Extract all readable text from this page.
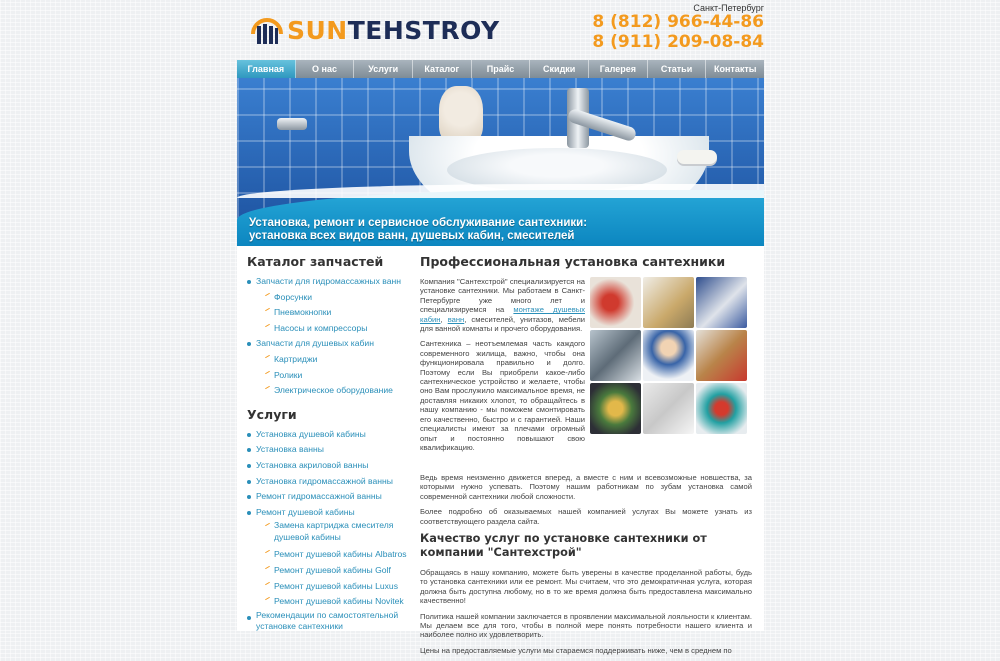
SUNTEHSTROY
Санкт-Петербург
8 (812) 966-44-86
8 (911) 209-08-84
Главная	О нас	Услуги	Каталог	Прайс	Скидки	Галерея	Статьи	Контакты
Установка, ремонт и сервисное обслуживание сантехники:
установка всех видов ванн, душевых кабин, смесителей
Каталог запчастей
Запчасти для гидромассажных ванн
Форсунки
Пневмокнопки
Насосы и компрессоры
Запчасти для душевых кабин
Картриджи
Ролики
Электрическое оборудование
Услуги
Установка душевой кабины
Установка ванны
Установка акриловой ванны
Установка гидромассажной ванны
Ремонт гидромассажной ванны
Ремонт душевой кабины
Замена картриджа смесителя душевой кабины
Ремонт душевой кабины Albatros
Ремонт душевой кабины Golf
Ремонт душевой кабины Luxus
Ремонт душевой кабины Novitek
Рекомендации по самостоятельной установке сантехники
Профессиональная установка сантехники

Компания "Сантехстрой" специализируется на установке сантехники. Мы работаем в Санкт-Петербурге уже много лет и специализируемся на монтаже душевых кабин, ванн, смесителей, унитазов, мебели для ванной комнаты и прочего оборудования.

Сантехника – неотъемлемая часть каждого современного жилища, важно, чтобы она функционировала правильно и долго. Поэтому если Вы приобрели какое-либо сантехническое устройство и желаете, чтобы оно Вам прослужило максимальное время, не доставляя никаких хлопот, то обращайтесь в нашу компанию - мы поможем смонтировать его качественно, быстро и с гарантией. Наши специалисты имеют за плечами огромный опыт и постоянно повышают свою квалификацию.

Ведь время неизменно движется вперед, а вместе с ним и всевозможные новшества, за которыми нужно успевать. Поэтому нашим работникам по зубам установка самой современной сантехники любой сложности.

Более подробно об оказываемых нашей компанией услугах Вы можете узнать из соответствующего раздела сайта.

Качество услуг по установке сантехники от компании "Сантехстрой"

Обращаясь в нашу компанию, можете быть уверены в качестве проделанной работы, будь то установка сантехники или ее ремонт. Мы считаем, что это демократичная услуга, которая должна быть доступна любому, но в то же время должна быть предоставлена максимально качественно!

Политика нашей компании заключается в проявлении максимальной лояльности к клиентам. Мы делаем все для того, чтобы в полной мере понять потребности нашего клиента и наиболее полно их удовлетворить.

Цены на предоставляемые услуги мы стараемся поддерживать ниже, чем в среднем по
